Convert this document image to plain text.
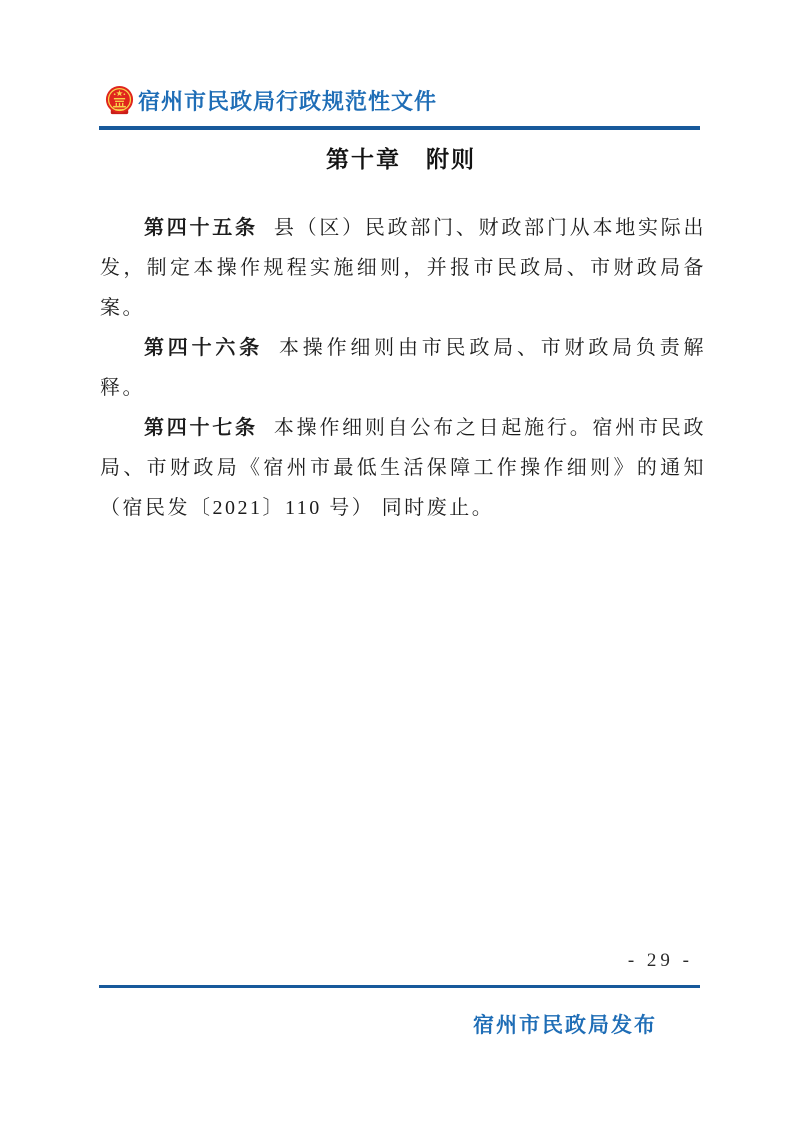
宿州市民政局行政规范性文件
第十章　附则

第四十五条 县（区）民政部门、财政部门从本地实际出发，制定本操作规程实施细则，并报市民政局、市财政局备案。

第四十六条 本操作细则由市民政局、市财政局负责解释。

第四十七条 本操作细则自公布之日起施行。宿州市民政局、市财政局《宿州市最低生活保障工作操作细则》的通知（宿民发〔2021〕110 号） 同时废止。

- 29 -
宿州市民政局发布
